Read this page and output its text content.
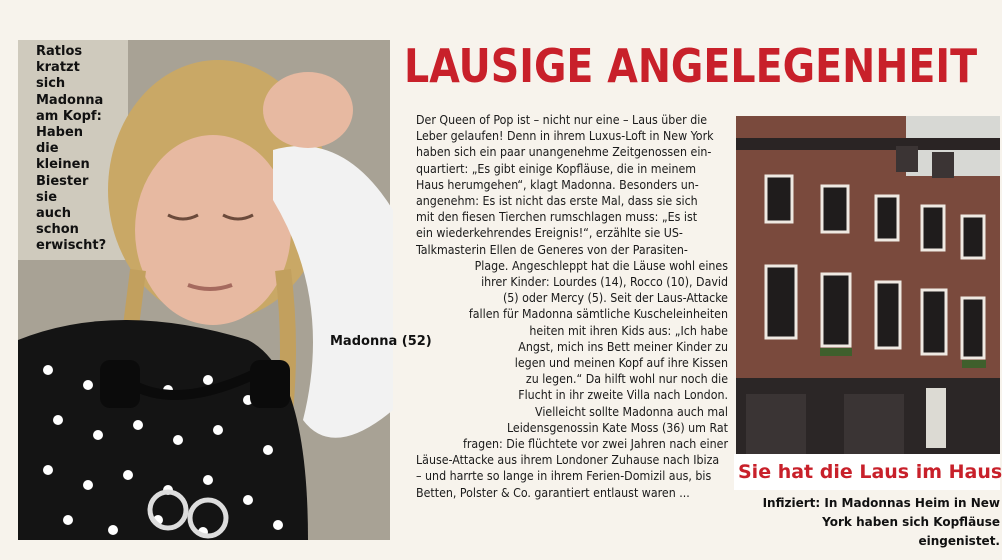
Ratlos
kratzt sich
Madonna
am Kopf:
Haben die
kleinen
Biester sie
auch schon
erwischt?
Madonna (52)
LAUSIGE ANGELEGENHEIT
Der Queen of Pop ist – nicht nur eine – Laus über die
Leber gelaufen! Denn in ihrem Luxus-Loft in New York
haben sich ein paar unangenehme Zeitgenossen ein-
quartiert: „Es gibt einige Kopfläuse, die in meinem
Haus herumgehen“, klagt Madonna. Besonders un-
angenehm: Es ist nicht das erste Mal, dass sie sich
mit den fiesen Tierchen rumschlagen muss: „Es ist
ein wiederkehrendes Ereignis!“, erzählte sie US-
Talkmasterin Ellen de Generes von der Parasiten-
Plage. Angeschleppt hat die Läuse wohl eines
ihrer Kinder: Lourdes (14), Rocco (10), David
(5) oder Mercy (5). Seit der Laus-Attacke
fallen für Madonna sämtliche Kuscheleinheiten
heiten mit ihren Kids aus: „Ich habe
Angst, mich ins Bett meiner Kinder zu
legen und meinen Kopf auf ihre Kissen
zu legen.“ Da hilft wohl nur noch die
Flucht in ihr zweite Villa nach London.
Vielleicht sollte Madonna auch mal
Leidensgenossin Kate Moss (36) um Rat
fragen: Die flüchtete vor zwei Jahren nach einer
Läuse-Attacke aus ihrem Londoner Zuhause nach Ibiza
– und harrte so lange in ihrem Ferien-Domizil aus, bis
Betten, Polster & Co. garantiert entlaust waren ...
Sie hat die Laus im Haus
Infiziert: In Madonnas Heim in New
York haben sich Kopfläuse eingenistet.
